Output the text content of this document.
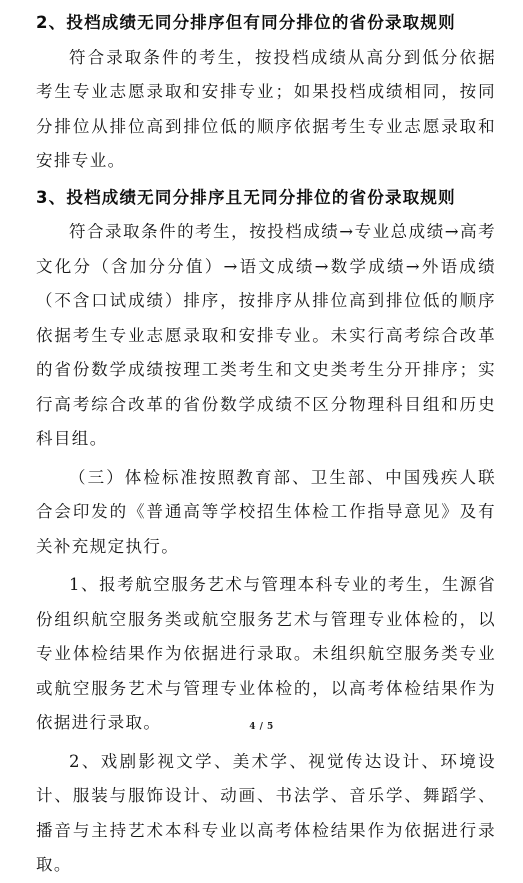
2、投档成绩无同分排序但有同分排位的省份录取规则

符合录取条件的考生，按投档成绩从高分到低分依据考生专业志愿录取和安排专业；如果投档成绩相同，按同分排位从排位高到排位低的顺序依据考生专业志愿录取和安排专业。

3、投档成绩无同分排序且无同分排位的省份录取规则

符合录取条件的考生，按投档成绩→专业总成绩→高考文化分（含加分分值）→语文成绩→数学成绩→外语成绩（不含口试成绩）排序，按排序从排位高到排位低的顺序依据考生专业志愿录取和安排专业。未实行高考综合改革的省份数学成绩按理工类考生和文史类考生分开排序；实行高考综合改革的省份数学成绩不区分物理科目组和历史科目组。

（三）体检标准按照教育部、卫生部、中国残疾人联合会印发的《普通高等学校招生体检工作指导意见》及有关补充规定执行。

1、报考航空服务艺术与管理本科专业的考生，生源省份组织航空服务类或航空服务艺术与管理专业体检的，以专业体检结果作为依据进行录取。未组织航空服务类专业或航空服务艺术与管理专业体检的，以高考体检结果作为依据进行录取。

2、戏剧影视文学、美术学、视觉传达设计、环境设计、服装与服饰设计、动画、书法学、音乐学、舞蹈学、播音与主持艺术本科专业以高考体检结果作为依据进行录取。

4 / 5
